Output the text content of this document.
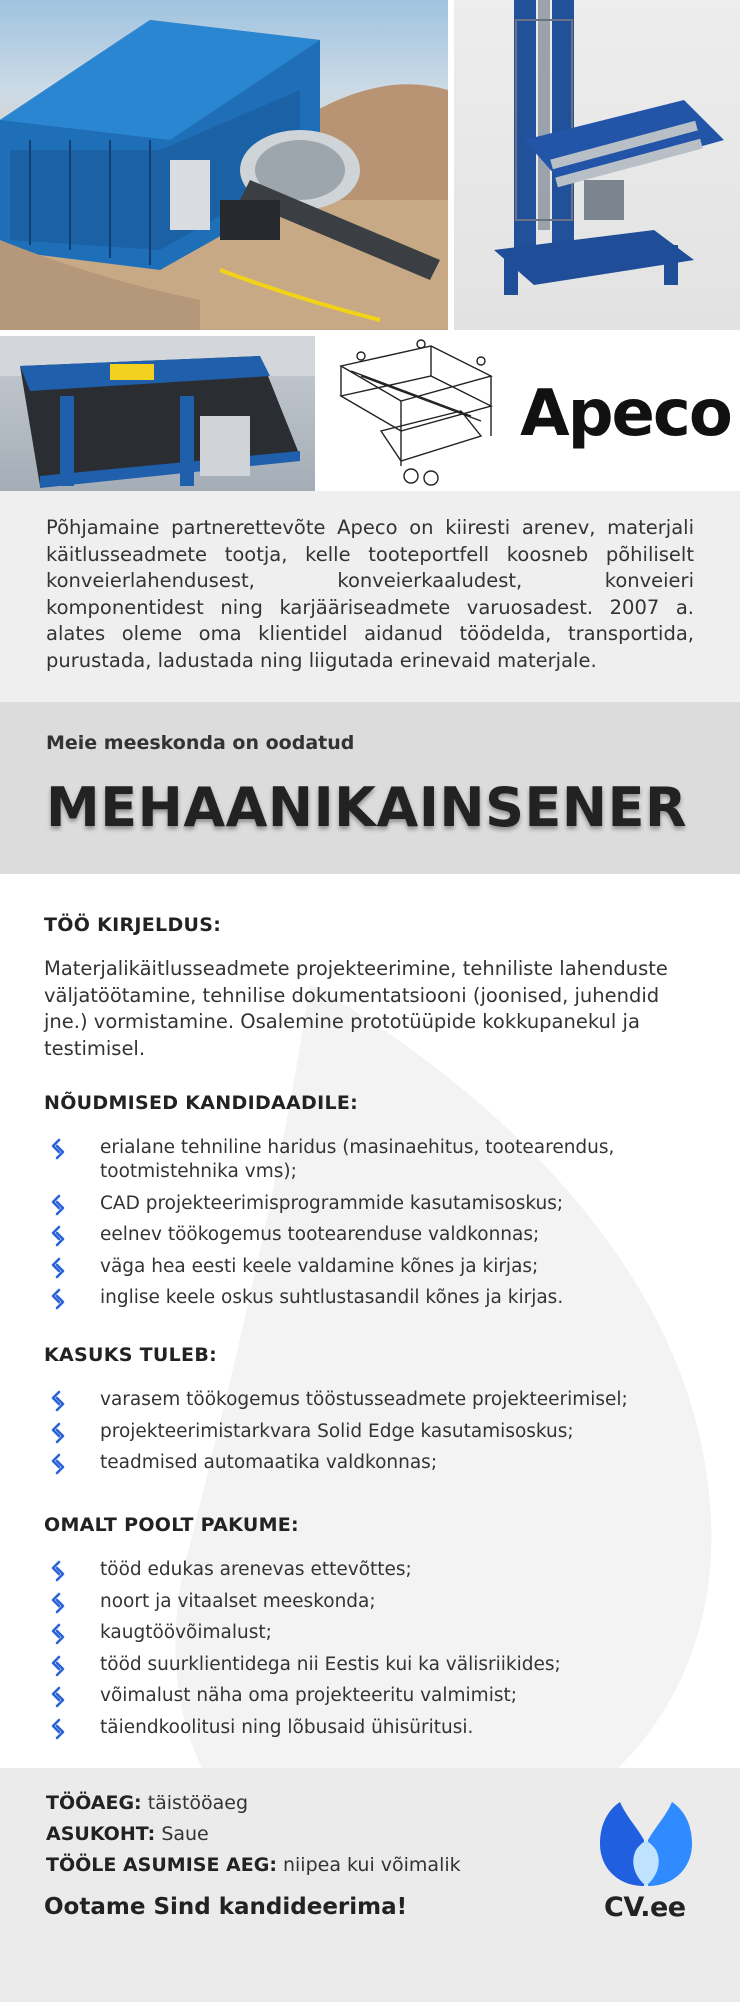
Apeco

Põhjamaine partnerettevõte Apeco on kiiresti arenev, materjali käitlusseadmete tootja, kelle tooteportfell koosneb põhiliselt konveierlahendusest, konveierkaaludest, konveieri komponentidest ning karjääriseadmete varuosadest. 2007 a. alates oleme oma klientidel aidanud töödelda, transportida, purustada, ladustada ning liigutada erinevaid materjale.

Meie meeskonda on oodatud
MEHAANIKAINSENER
TÖÖ KIRJELDUS:
Materjalikäitlusseadmete projekteerimine, tehniliste lahenduste väljatöötamine, tehnilise dokumentatsiooni (joonised, juhendid jne.) vormistamine. Osalemine prototüüpide kokkupanekul ja testimisel.
NÕUDMISED KANDIDAADILE:
erialane tehniline haridus (masinaehitus, tootearendus, tootmistehnika vms);
CAD projekteerimisprogrammide kasutamisoskus;
eelnev töökogemus tootearenduse valdkonnas;
väga hea eesti keele valdamine kõnes ja kirjas;
inglise keele oskus suhtlustasandil kõnes ja kirjas.
KASUKS TULEB:
varasem töökogemus tööstusseadmete projekteerimisel;
projekteerimistarkvara Solid Edge kasutamisoskus;
teadmised automaatika valdkonnas;
OMALT POOLT PAKUME:
tööd edukas arenevas ettevõttes;
noort ja vitaalset meeskonda;
kaugtöövõimalust;
tööd suurklientidega nii Eestis kui ka välisriikides;
võimalust näha oma projekteeritu valmimist;
täiendkoolitusi ning lõbusaid ühisüritusi.
TÖÖAEG: täistööaeg
ASUKOHT: Saue
TÖÖLE ASUMISE AEG: niipea kui võimalik
Ootame Sind kandideerima!	CV.ee
